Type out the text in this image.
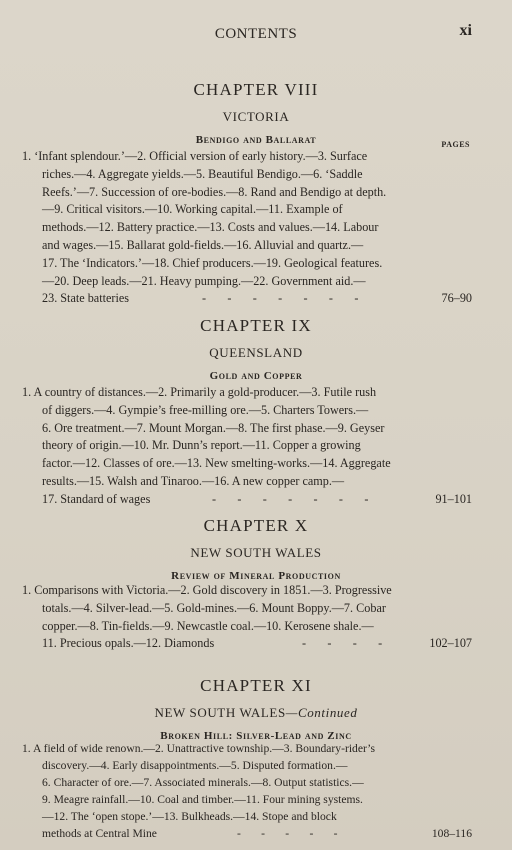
CONTENTS	xi
CHAPTER VIII
VICTORIA
Bendigo and Ballarat	PAGES
1. ‘Infant splendour.’—2. Official version of early history.—3. Surface
riches.—4. Aggregate yields.—5. Beautiful Bendigo.—6. ‘Saddle
Reefs.’—7. Succession of ore-bodies.—8. Rand and Bendigo at depth.
—9. Critical visitors.—10. Working capital.—11. Example of
methods.—12. Battery practice.—13. Costs and values.—14. Labour
and wages.—15. Ballarat gold-fields.—16. Alluvial and quartz.—
17. The ‘Indicators.’—18. Chief producers.—19. Geological features.
—20. Deep leads.—21. Heavy pumping.—22. Government aid.—
23. State batteries	-       -       -       -       -       -       -	76–90
CHAPTER IX
QUEENSLAND
Gold and Copper
1. A country of distances.—2. Primarily a gold-producer.—3. Futile rush
of diggers.—4. Gympie’s free-milling ore.—5. Charters Towers.—
6. Ore treatment.—7. Mount Morgan.—8. The first phase.—9. Geyser
theory of origin.—10. Mr. Dunn’s report.—11. Copper a growing
factor.—12. Classes of ore.—13. New smelting-works.—14. Aggregate
results.—15. Walsh and Tinaroo.—16. A new copper camp.—
17. Standard of wages	-       -       -       -       -       -       -	91–101
CHAPTER X
NEW SOUTH WALES
Review of Mineral Production
1. Comparisons with Victoria.—2. Gold discovery in 1851.—3. Progressive
totals.—4. Silver-lead.—5. Gold-mines.—6. Mount Boppy.—7. Cobar
copper.—8. Tin-fields.—9. Newcastle coal.—10. Kerosene shale.—
11. Precious opals.—12. Diamonds	-       -       -       -	102–107
CHAPTER XI
NEW SOUTH WALES—Continued
Broken Hill: Silver-Lead and Zinc
1. A field of wide renown.—2. Unattractive township.—3. Boundary-rider’s
discovery.—4. Early disappointments.—5. Disputed formation.—
6. Character of ore.—7. Associated minerals.—8. Output statistics.—
9. Meagre rainfall.—10. Coal and timber.—11. Four mining systems.
—12. The ‘open stope.’—13. Bulkheads.—14. Stope and block
methods at Central Mine	-       -       -       -       -	108–116
